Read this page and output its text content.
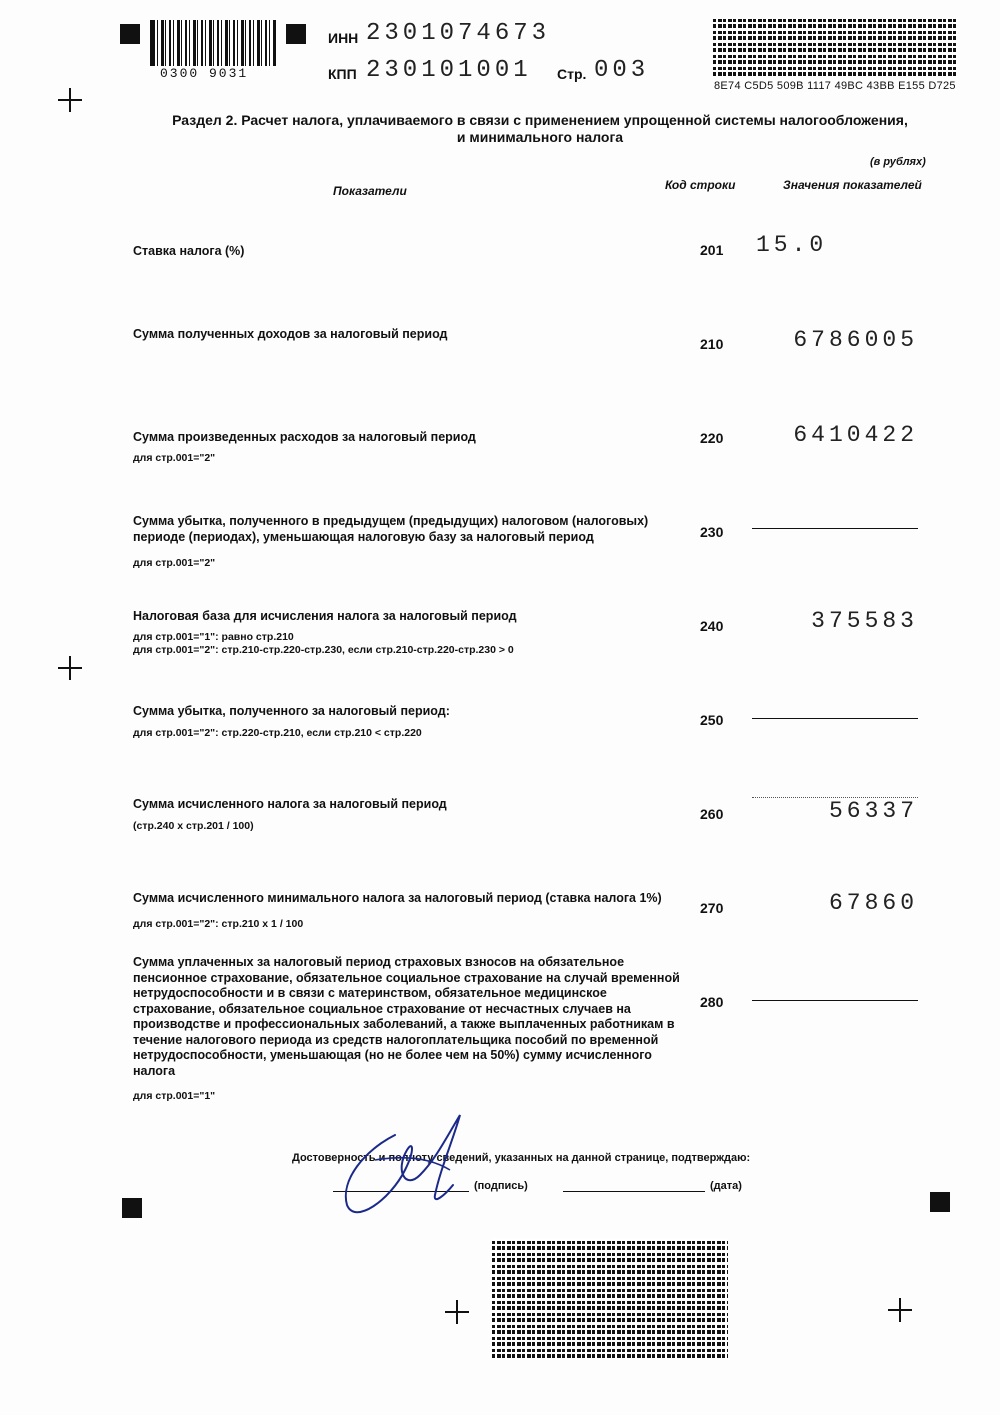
0300 9031
ИНН 2301074673
КПП 230101001 Стр. 003
8E74 C5D5 509B 1117 49BC 43BB E155 D725
Раздел 2. Расчет налога, уплачиваемого в связи с применением упрощенной системы налогообложения,
и минимального налога
(в рублях)
Показатели	Код строки	Значения показателей
Ставка налога (%)	201 15.0
Сумма полученных доходов за налоговый период
210	6786005
Сумма произведенных расходов за налоговый период
для стр.001="2"
220	6410422
Сумма убытка, полученного в предыдущем (предыдущих) налоговом (налоговых) периоде (периодах), уменьшающая налоговую базу за налоговый период
для стр.001="2"
230
Налоговая база для исчисления налога за налоговый период
для стр.001="1": равно стр.210
для стр.001="2": стр.210-стр.220-стр.230, если стр.210-стр.220-стр.230 > 0
240	375583
Сумма убытка, полученного за налоговый период:
для стр.001="2": стр.220-стр.210, если стр.210 < стр.220
250
Сумма исчисленного налога за налоговый период
(стр.240 х стр.201 / 100)
260	56337
Сумма исчисленного минимального налога за налоговый период (ставка налога 1%)
для стр.001="2": стр.210 х 1 / 100
270	67860
Сумма уплаченных за налоговый период страховых взносов на обязательное пенсионное страхование, обязательное социальное страхование на случай временной нетрудоспособности и в связи с материнством, обязательное медицинское страхование, обязательное социальное страхование от несчастных случаев на производстве и профессиональных заболеваний, а также выплаченных работникам в течение налогового периода из средств налогоплательщика пособий по временной нетрудоспособности, уменьшающая (но не более чем на 50%) сумму исчисленного налога
для стр.001="1"
280
Достоверность и полноту сведений, указанных на данной странице, подтверждаю:
(подпись)	(дата)
